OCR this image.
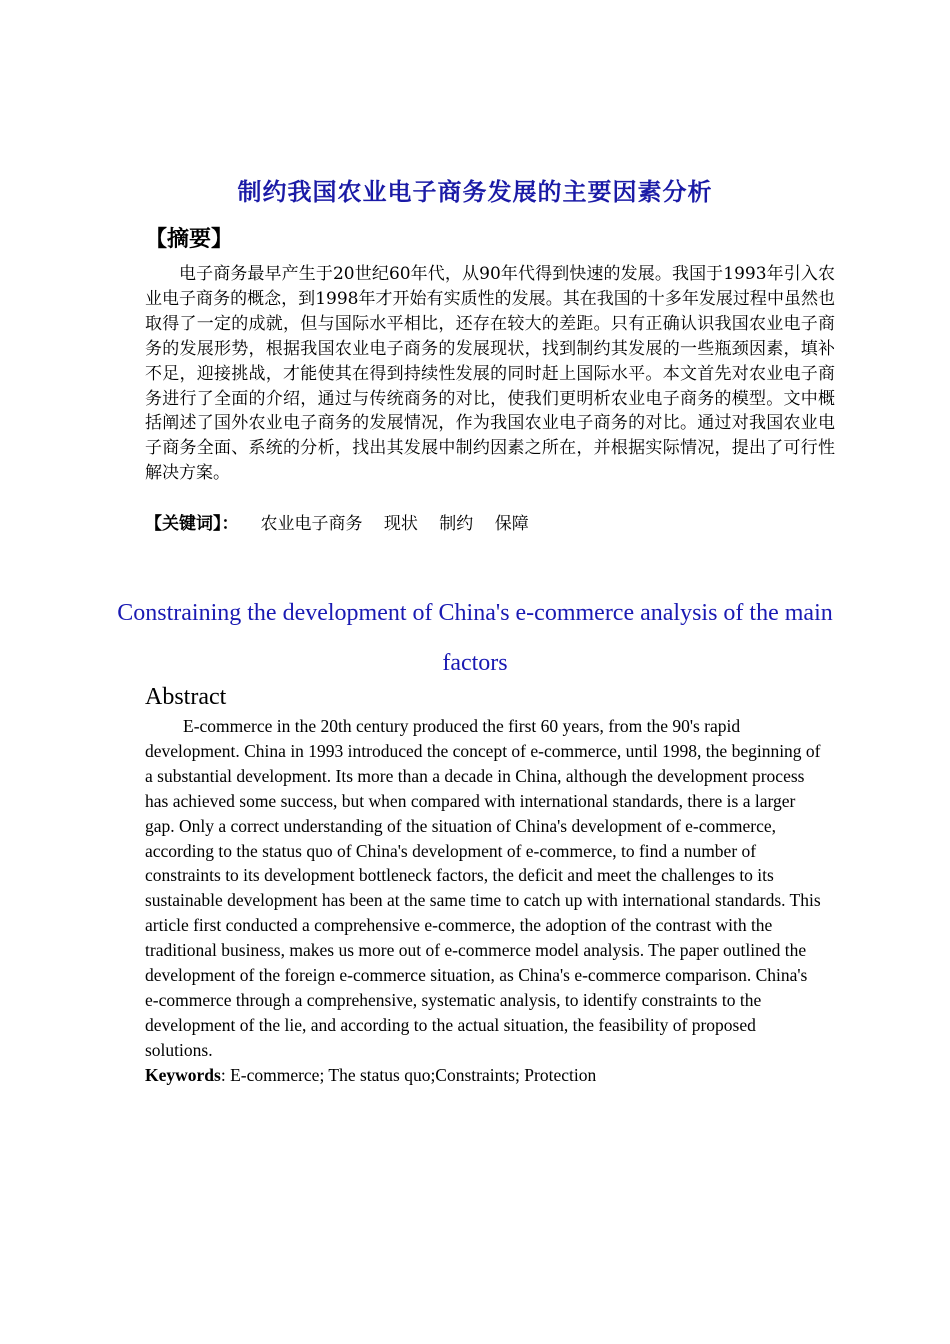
制约我国农业电子商务发展的主要因素分析
【摘要】
电子商务最早产生于20世纪60年代，从90年代得到快速的发展。我国于1993年引入农业电子商务的概念，到1998年才开始有实质性的发展。其在我国的十多年发展过程中虽然也取得了一定的成就，但与国际水平相比，还存在较大的差距。只有正确认识我国农业电子商务的发展形势，根据我国农业电子商务的发展现状，找到制约其发展的一些瓶颈因素，填补不足，迎接挑战，才能使其在得到持续性发展的同时赶上国际水平。本文首先对农业电子商务进行了全面的介绍，通过与传统商务的对比，使我们更明析农业电子商务的模型。文中概括阐述了国外农业电子商务的发展情况，作为我国农业电子商务的对比。通过对我国农业电子商务全面、系统的分析，找出其发展中制约因素之所在，并根据实际情况，提出了可行性解决方案。
【关键词】： 农业电子商务 现状 制约 保障
Constraining the development of China's e-commerce analysis of the main factors
Abstract
E-commerce in the 20th century produced the first 60 years, from the 90's rapid development. China in 1993 introduced the concept of e-commerce, until 1998, the beginning of a substantial development. Its more than a decade in China, although the development process has achieved some success, but when compared with international standards, there is a larger gap. Only a correct understanding of the situation of China's development of e-commerce, according to the status quo of China's development of e-commerce, to find a number of constraints to its development bottleneck factors, the deficit and meet the challenges to its sustainable development has been at the same time to catch up with international standards. This article first conducted a comprehensive e-commerce, the adoption of the contrast with the traditional business, makes us more out of e-commerce model analysis. The paper outlined the development of the foreign e-commerce situation, as China's e-commerce comparison. China's e-commerce through a comprehensive, systematic analysis, to identify constraints to the development of the lie, and according to the actual situation, the feasibility of proposed solutions.
Keywords: E-commerce; The status quo;Constraints; Protection
